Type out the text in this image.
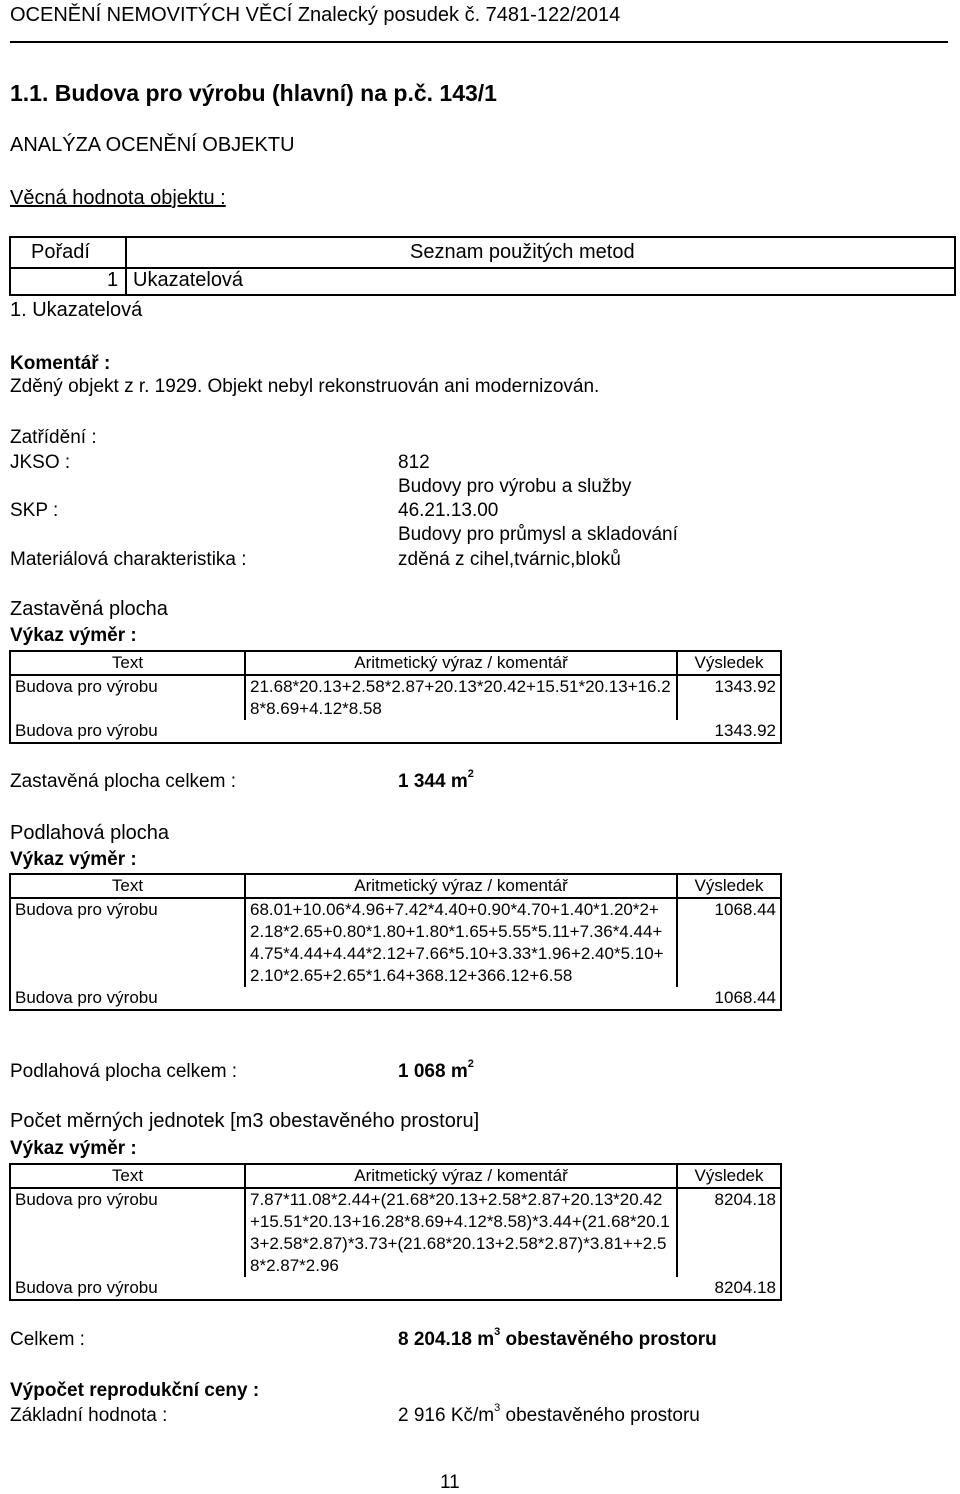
OCENĚNÍ NEMOVITÝCH VĚCÍ Znalecký posudek č. 7481-122/2014
1.1. Budova pro výrobu (hlavní) na p.č. 143/1
ANALÝZA OCENĚNÍ OBJEKTU
Věcná hodnota objektu :
Pořadí	Seznam použitých metod
1 Ukazatelová
1. Ukazatelová
Komentář :
Zděný objekt z r. 1929. Objekt nebyl rekonstruován ani modernizován.
Zatřídění :
JKSO :	812
Budovy pro výrobu a služby
SKP :	46.21.13.00
Budovy pro průmysl a skladování
Materiálová charakteristika :	zděná z cihel,tvárnic,bloků
Zastavěná plocha
Výkaz výměr :
Text	Aritmetický výraz / komentář	Výsledek
Budova pro výrobu	21.68*20.13+2.58*2.87+20.13*20.42+15.51*20.13+16.28*8.69+4.12*8.58	1343.92
Budova pro výrobu		1343.92
Zastavěná plocha celkem :	1 344 $m^2$
Podlahová plocha
Výkaz výměr :
Text	Aritmetický výraz / komentář	Výsledek
Budova pro výrobu	68.01+10.06*4.96+7.42*4.40+0.90*4.70+1.40*1.20*2+2.18*2.65+0.80*1.80+1.80*1.65+5.55*5.11+7.36*4.44+4.75*4.44+4.44*2.12+7.66*5.10+3.33*1.96+2.40*5.10+2.10*2.65+2.65*1.64+368.12+366.12+6.58	1068.44
Budova pro výrobu		1068.44
Podlahová plocha celkem :	1 068 $m^2$
Počet měrných jednotek [m3 obestavěného prostoru]
Výkaz výměr :
Text	Aritmetický výraz / komentář	Výsledek
Budova pro výrobu	7.87*11.08*2.44+(21.68*20.13+2.58*2.87+20.13*20.42+15.51*20.13+16.28*8.69+4.12*8.58)*3.44+(21.68*20.13+2.58*2.87)*3.73+(21.68*20.13+2.58*2.87)*3.81++2.58*2.87*2.96	8204.18
Budova pro výrobu		8204.18
Celkem :	8 204.18 $m^3$ obestavěného prostoru
Výpočet reprodukční ceny :
Základní hodnota :	2 916 $Kč/m^3$ obestavěného prostoru
11
